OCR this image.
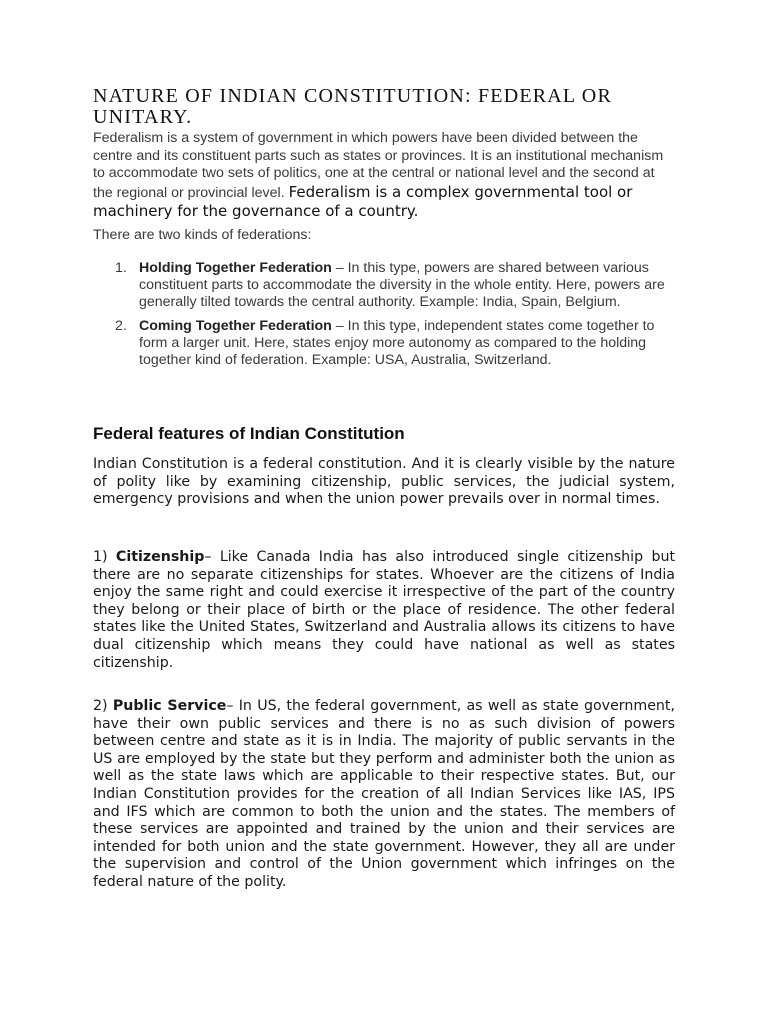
NATURE OF INDIAN CONSTITUTION: FEDERAL OR UNITARY.

Federalism is a system of government in which powers have been divided between the centre and its constituent parts such as states or provinces. It is an institutional mechanism to accommodate two sets of politics, one at the central or national level and the second at the regional or provincial level. Federalism is a complex governmental tool or machinery for the governance of a country.

There are two kinds of federations:

1. Holding Together Federation – In this type, powers are shared between various constituent parts to accommodate the diversity in the whole entity. Here, powers are generally tilted towards the central authority. Example: India, Spain, Belgium.
2. Coming Together Federation – In this type, independent states come together to form a larger unit. Here, states enjoy more autonomy as compared to the holding together kind of federation. Example: USA, Australia, Switzerland.
Federal features of Indian Constitution

Indian Constitution is a federal constitution. And it is clearly visible by the nature of polity like by examining citizenship, public services, the judicial system, emergency provisions and when the union power prevails over in normal times.

1) Citizenship– Like Canada India has also introduced single citizenship but there are no separate citizenships for states. Whoever are the citizens of India enjoy the same right and could exercise it irrespective of the part of the country they belong or their place of birth or the place of residence. The other federal states like the United States, Switzerland and Australia allows its citizens to have dual citizenship which means they could have national as well as states citizenship.

2) Public Service– In US, the federal government, as well as state government, have their own public services and there is no as such division of powers between centre and state as it is in India. The majority of public servants in the US are employed by the state but they perform and administer both the union as well as the state laws which are applicable to their respective states. But, our Indian Constitution provides for the creation of all Indian Services like IAS, IPS and IFS which are common to both the union and the states. The members of these services are appointed and trained by the union and their services are intended for both union and the state government. However, they all are under the supervision and control of the Union government which infringes on the federal nature of the polity.
